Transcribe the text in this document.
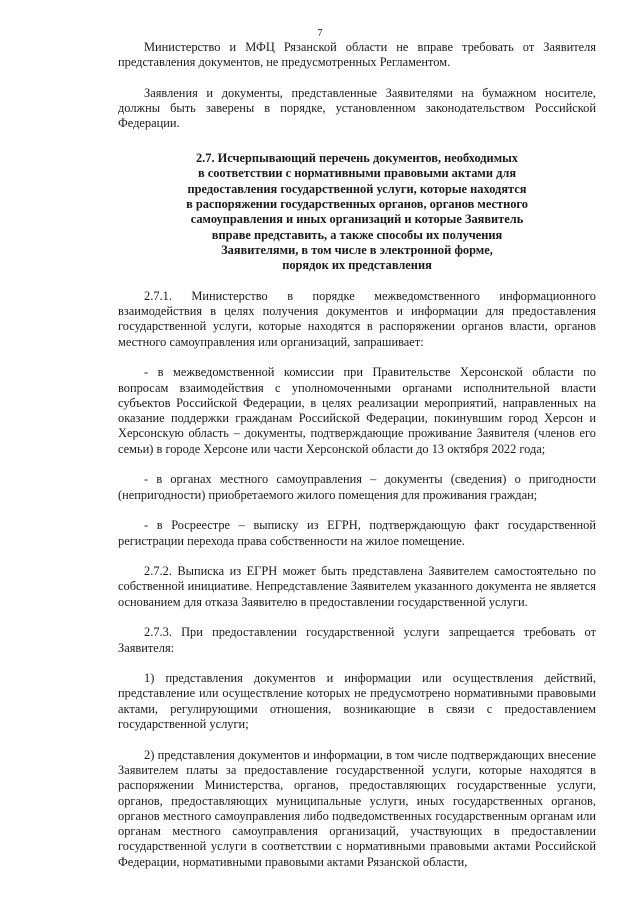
7

Министерство и МФЦ Рязанской области не вправе требовать от Заявителя представления документов, не предусмотренных Регламентом.

Заявления и документы, представленные Заявителями на бумажном носителе, должны быть заверены в порядке, установленном законодательством Российской Федерации.

2.7. Исчерпывающий перечень документов, необходимых
в соответствии с нормативными правовыми актами для
предоставления государственной услуги, которые находятся
в распоряжении государственных органов, органов местного
самоуправления и иных организаций и которые Заявитель
вправе представить, а также способы их получения
Заявителями, в том числе в электронной форме,
порядок их представления

2.7.1. Министерство в порядке межведомственного информационного взаимодействия в целях получения документов и информации для предоставления государственной услуги, которые находятся в распоряжении органов власти, органов местного самоуправления или организаций, запрашивает:

- в межведомственной комиссии при Правительстве Херсонской области по вопросам взаимодействия с уполномоченными органами исполнительной власти субъектов Российской Федерации, в целях реализации мероприятий, направленных на оказание поддержки гражданам Российской Федерации, покинувшим город Херсон и Херсонскую область – документы, подтверждающие проживание Заявителя (членов его семьи) в городе Херсоне или части Херсонской области до 13 октября 2022 года;

- в органах местного самоуправления – документы (сведения) о пригодности (непригодности) приобретаемого жилого помещения для проживания граждан;

- в Росреестре – выписку из ЕГРН, подтверждающую факт государственной регистрации перехода права собственности на жилое помещение.

2.7.2. Выписка из ЕГРН может быть представлена Заявителем самостоятельно по собственной инициативе. Непредставление Заявителем указанного документа не является основанием для отказа Заявителю в предоставлении государственной услуги.

2.7.3. При предоставлении государственной услуги запрещается требовать от Заявителя:

1) представления документов и информации или осуществления действий, представление или осуществление которых не предусмотрено нормативными правовыми актами, регулирующими отношения, возникающие в связи с предоставлением государственной услуги;

2) представления документов и информации, в том числе подтверждающих внесение Заявителем платы за предоставление государственной услуги, которые находятся в распоряжении Министерства, органов, предоставляющих государственные услуги, органов, предоставляющих муниципальные услуги, иных государственных органов, органов местного самоуправления либо подведомственных государственным органам или органам местного самоуправления организаций, участвующих в предоставлении государственной услуги в соответствии с нормативными правовыми актами Российской Федерации, нормативными правовыми актами Рязанской области,
